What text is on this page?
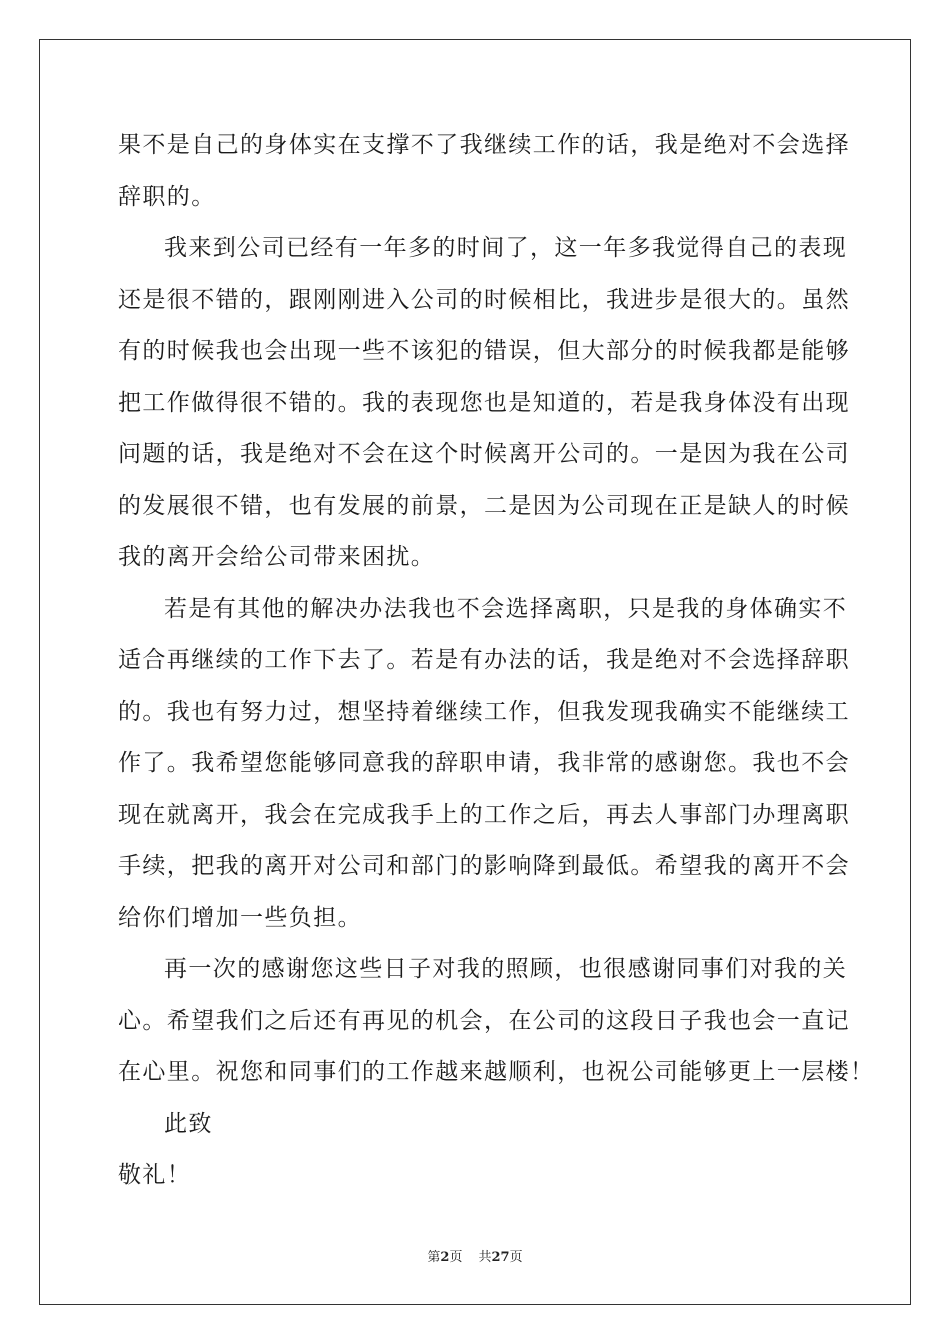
果不是自己的身体实在支撑不了我继续工作的话，我是绝对不会选择
辞职的。
我来到公司已经有一年多的时间了，这一年多我觉得自己的表现
还是很不错的，跟刚刚进入公司的时候相比，我进步是很大的。虽然
有的时候我也会出现一些不该犯的错误，但大部分的时候我都是能够
把工作做得很不错的。我的表现您也是知道的，若是我身体没有出现
问题的话，我是绝对不会在这个时候离开公司的。一是因为我在公司
的发展很不错，也有发展的前景，二是因为公司现在正是缺人的时候
我的离开会给公司带来困扰。
若是有其他的解决办法我也不会选择离职，只是我的身体确实不
适合再继续的工作下去了。若是有办法的话，我是绝对不会选择辞职
的。我也有努力过，想坚持着继续工作，但我发现我确实不能继续工
作了。我希望您能够同意我的辞职申请，我非常的感谢您。我也不会
现在就离开，我会在完成我手上的工作之后，再去人事部门办理离职
手续，把我的离开对公司和部门的影响降到最低。希望我的离开不会
给你们增加一些负担。
再一次的感谢您这些日子对我的照顾，也很感谢同事们对我的关
心。希望我们之后还有再见的机会，在公司的这段日子我也会一直记
在心里。祝您和同事们的工作越来越顺利，也祝公司能够更上一层楼！
此致
敬礼！
第2页 共27页
